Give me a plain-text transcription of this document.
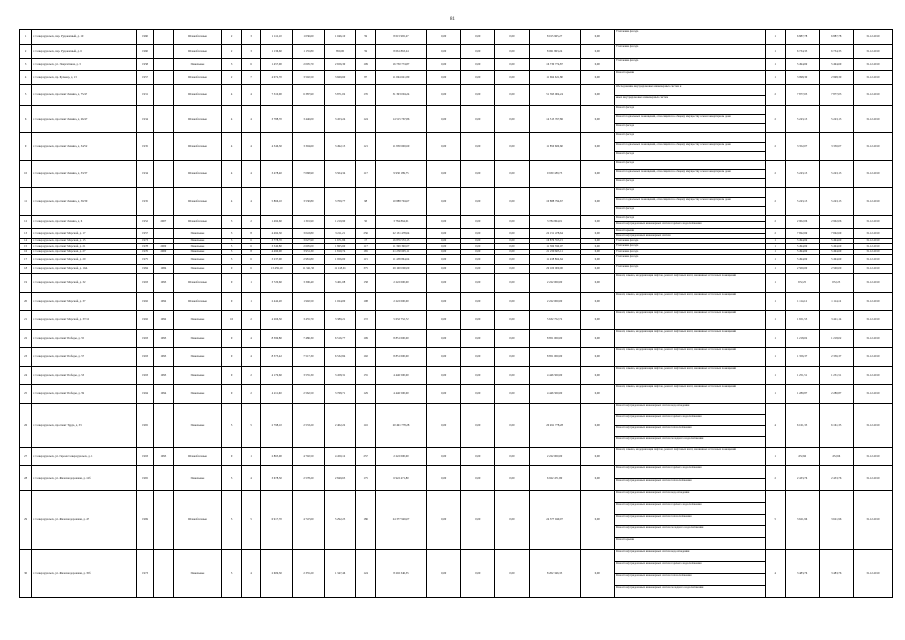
81
1	г. Североуральск, пер. Рудокопный, д. 10	1960		Шлакоблочные	2	3	1 112,10	1 036,60	1 046,10	59	8 015 965,27	0,00	0,00	0,00	8 015 965,27	0,00	Утепление фасада	1	6 887,78	6 887,78	31.12.2019
2	г. Североуральск, пер. Рудокопный, д. 6	1960		Шлакоблочные	2	3	1 136,60	1 155,80	850,00	59	8 061 863,24	0,00	0,00	0,00	8 061 863,24	0,00	Утепление фасада	1	6 734,33	6 734,33	31.12.2019
3	г. Североуральск, ул. Энергетиков, д. 3	1958		Панельные	3	6	1 457,00	2 005,70	2 656,30	109	16 730 774,87	0,00	0,00	0,00	16 730 774,87	0,00	Утепление фасада	1	5 494,69	5 494,69	31.12.2019
4	г. Североуральск, пр. Бульвар, д. 13	1957		Шлакоблочные	2	7	4 072,70	3 502,50	3 669,60	87	11 694 621,80	0,00	0,00	0,00	11 694 621,80	0,00	Ремонт крыши	1	3 998,30	2 998,30	31.12.2019
5	г. Североуральск, проспект Ленина, д. 75/4?	1931		Шлакоблочные	4	4	7 310,00	6 387,90	5 871,02	176	51 393 004,24	0,00	0,00	0,00	51 393 004,24	0,00	Обследование внутридомовых инженерных систем и
иных внутридомовых инженерных систем	2	7 877,03	7 877,03	31.12.2019
6	г. Североуральск, проспект Ленина, д. 26/47	1934		Шлакоблочные	4	4	3 788,70	3 446,00	3 453,24	124	14 515 767,86	0,00	0,00	0,00	14 515 767,86	0,00	Ремонт фасада
Ремонт подвальных помещений, относящихся к общему имуществу в многоквартирном доме
Ремонт фасада	2	5 243,13	5 243,13	31.12.2019
9	г. Североуральск, проспект Ленина, д. 34/52	1935		Шлакоблочные	4	4	4 346,30	3 304,60	3 492,15	121	11 850 600,60	0,00	0,00	0,00	11 850 600,60	0,00	Ремонт фасада
Ремонт подвальных помещений, относящихся к общему имуществу в многоквартирном доме
Ремонт фасада	2	3 352,07	3 350,07	31.12.2019
10	г. Североуральск, проспект Ленина, д. 33/37	1934		Шлакоблочные	4	4	3 478,40	7 068,90	3 504,34	117	9 930 189,75	0,00	0,00	0,00	9 930 189,75	0,00	Ремонт фасада
Ремонт подвальных помещений, относящихся к общему имуществу в многоквартирном доме
Ремонт фасада	2	5 243,13	5 243,13	31.12.2019
11	г. Североуральск, проспект Ленина, д. 39/39	1935		Шлакоблочные	4	4	5 866,10	3 530,80	3 709,77	98	10 888 794,67	0,00	0,00	0,00	10 888 794,67	0,00	Ремонт фасада
Ремонт подвальных помещений, относящихся к общему имуществу в многоквартирном доме
Ремонт фасада	2	5 243,13	5 243,13	31.12.2019
12	г. Североуральск, проспект Ленина, д. 6	1952	2007	Шлакоблочные	3	2	1 492,60	1 301,90	1 219,90	50	3 784 864,01	0,00	0,00	0,00	3 784 864,01	0,00	Ремонт фасада
Ремонт внутридомовых инженерных систем горячего водоснабжения	2	2 902,06	2 902,06	31.12.2019
13	г. Североуральск, проспект Морской, д. 17	1957		Панельные	3	8	4 492,30	3 043,80	3 211,21	256	22 151 478,64	0,00	0,00	0,00	22 151 478,64	0,00	Ремонт крыши
Ремонт внутридомовых инженерных систем	2	7 692,69	7 692,69	31.12.2019
14	г. Североуральск, проспект Морской, д. 15	1973		Панельные	5	6	3 778,70	3 027,90	1 671,86	17	16 876 553,15	0,00	0,00	0,00	16 876 553,15	0,00	Утепление фасада	1	5 494,69	5 494,69	31.12.2019
15	г. Североуральск, проспект Морской, д. 21	1978	2000	Панельные	5	6	3 340,80	2 695,00	1 865,60	117	11 399 390,07	0,00	0,00	0,00	11 399 390,07	0,00	Утепление фасада	1	5 494,69	5 494,69	31.12.2019
16	г. Североуральск, проспект Морской, д. 27	1976	2000	Панельные	5	8	4 490,00	3 931,30	1 810,74	165	21 230 605,11	0,00	0,00	0,00	21 230 605,11	0,00	Утепление фасада	1	5 494,69	5 494,69	31.12.2019
17	г. Североуральск, проспект Морской, д. 29	1975		Панельные	5	6	3 237,00	2 981,80	1 956,00	115	11 438 864,64	0,00	0,00	0,00	11 438 864,64	0,00	Утепление фасада	1	5 494,69	5 494,69	31.12.2019
18	г. Североуральск, проспект Морской, д. 10А	1984	1984	Панельные	9	6	13 459,10	11 341,50	11 118,91	375	29 100 000,00	0,00	0,00	0,00	29 100 000,00	0,00	Утепление фасада	1	2 500,00	2 500,00	31.12.2019
19	г. Североуральск, проспект Морской, д. 32	1993	1993	Шлакоблочные	9	1	3 720,60	3 306,40	3 401,08	158	2 222 000,00	0,00	0,00	0,00	2 222 000,00	0,00	Ремонт, замена, модернизация лифтов, ремонт лифтовых шахт, машинных и блочных помещений	1	672,25	672,25	31.12.2019
20	г. Североуральск, проспект Морской, д. 37	1992	1992	Шлакоблочные	9	1	2 442,20	1 992,50	1 024,00	198	2 222 000,00	0,00	0,00	0,00	2 222 000,00	0,00	Ремонт, замена, модернизация лифтов, ремонт лифтовых шахт, машинных и блочных помещений	1	1 114,12	1 114,12	31.12.2019
21	г. Североуральск, проспект Морской, д. 37/12	1992	1992	Панельные	10	2	4 266,50	3 455,70	3 389,21	172	5 632 752,72	0,00	0,00	0,00	5 632 752,72	0,00	Ремонт, замена, модернизация лифтов, ремонт лифтовых шахт, машинных и блочных помещений	1	1 651,55	3 421,14	31.12.2019
22	г. Североуральск, проспект Победы, д. 55	1993	1993	Панельные	9	4	8 399,80	7 486,30	6 516,77	199	8 851 000,00	0,00	0,00	0,00	8 851 000,00	0,00	Ремонт, замена, модернизация лифтов, ремонт лифтовых шахт, машинных и блочных помещений	1	1 218,02	1 218,02	31.12.2019
23	г. Североуральск, проспект Победы, д. 57	1993	1993	Панельные	9	4	8 375,42	7 517,30	6 532,84	192	8 851 000,00	0,00	0,00	0,00	8 851 000,00	0,00	Ремонт, замена, модернизация лифтов, ремонт лифтовых шахт, машинных и блочных помещений	1	1 356,37	2 356,37	31.12.2019
24	г. Североуральск, проспект Победы, д. 53	1993	1993	Панельные	9	2	4 179,60	3 555,30	3 458,31	155	4 446 500,00	0,00	0,00	0,00	4 446 500,00	0,00	Ремонт, замена, модернизация лифтов, ремонт лифтовых шахт, машинных и блочных помещений	1	1 251,51	1 251,51	31.12.2019
25	г. Североуральск, проспект Победы, д. 59	1994	1994	Панельные	9	2	4 211,60	2 562,50	3 768,71	129	4 446 500,00	0,00	0,00	0,00	4 446 500,00	0,00	Ремонт, замена, модернизация лифтов, ремонт лифтовых шахт, машинных и блочных помещений	1	1 280,87	2 280,87	31.12.2019
26	г. Североуральск, проспект Труда, д. 33	1965		Панельные	5	5	2 798,10	2 533,20	2 402,22	116	20 491 778,28	0,00	0,00	0,00	20 491 778,28	0,00	Ремонт внутридомовых инженерных систем водоотведения
Ремонт внутридомовых инженерных систем горячего водоснабжения
Ремонт внутридомовых инженерных систем теплоснабжения
Ремонт внутридомовых инженерных систем холодного водоснабжения	4	6 161,35	6 161,35	31.12.2019
27	г. Североуральск, ул. Героев Североуральск, д. 1	1993	1993	Шлакоблочные	9	1	2 865,00	4 702,50	4 450,12	257	2 222 000,00	0,00	0,00	0,00	2 222 000,00	0,00	Ремонт, замена, модернизация лифтов, ремонт лифтовых шахт, машинных и блочных помещений	1	472,66	472,66	31.12.2019
28	г. Североуральск, ул. Железнодорожная, д. 12б	1965		Панельные	5	4	3 678,50	2 578,20	2 849,65	175	6 922 471,80	0,00	0,00	0,00	6 922 471,80	0,00	Ремонт внутридомовых инженерных систем горячего водоснабжения
Ремонт внутридомовых инженерных систем теплоснабжения	2	2 433,76	2 433,76	31.12.2019
29	г. Североуральск, ул. Железнодорожная, д. 47	1969		Шлакоблочные	5	5	6 917,70	4 747,60	5 292,25	186	24 377 949,07	0,00	0,00	0,00	24 377 949,07	0,00	Ремонт внутридомовых инженерных систем водоотведения
Ремонт внутридомовых инженерных систем горячего водоснабжения
Ремонт внутридомовых инженерных систем теплоснабжения
Ремонт внутридомовых инженерных систем холодного водоснабжения
Ремонт крыши	5	3 621,96	3 621,96	31.12.2019
30	г. Североуральск, ул. Железнодорожная, д. 35б	1973		Панельные	5	4	2 609,30	2 355,20	1 347,46	124	8 202 346,35	0,00	0,00	0,00	8 202 346,35	0,00	Ремонт внутридомовых инженерных систем водоотведения
Ремонт внутридомовых инженерных систем горячего водоснабжения
Ремонт внутридомовых инженерных систем теплоснабжения
Ремонт внутридомовых инженерных систем холодного водоснабжения	4	3 483,76	3 483,76	31.12.2019
